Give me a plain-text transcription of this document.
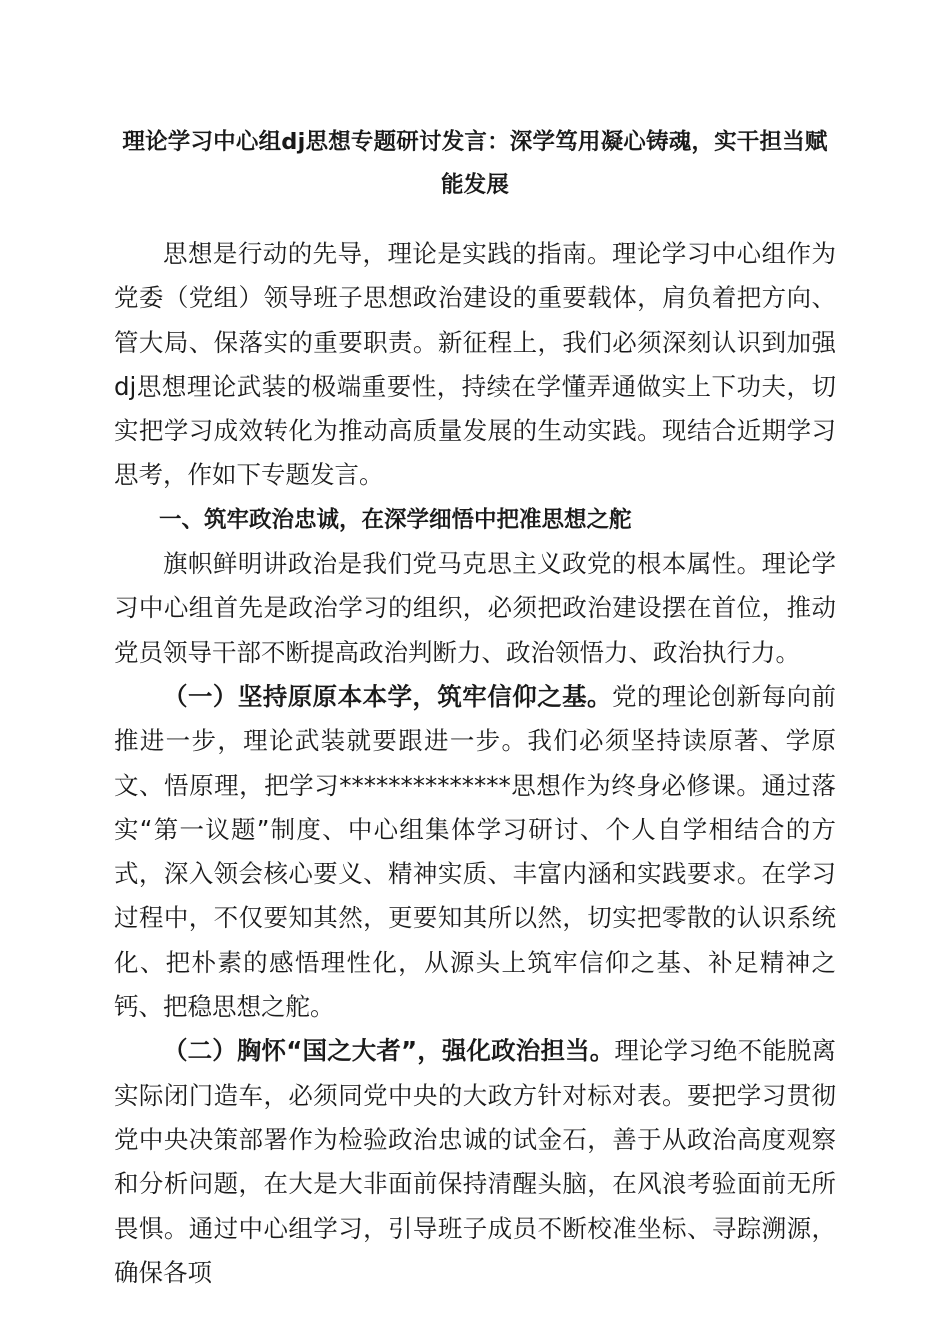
理论学习中心组dj思想专题研讨发言：深学笃用凝心铸魂，实干担当赋能发展

思想是行动的先导，理论是实践的指南。理论学习中心组作为党委（党组）领导班子思想政治建设的重要载体，肩负着把方向、管大局、保落实的重要职责。新征程上，我们必须深刻认识到加强dj思想理论武装的极端重要性，持续在学懂弄通做实上下功夫，切实把学习成效转化为推动高质量发展的生动实践。现结合近期学习思考，作如下专题发言。

一、筑牢政治忠诚，在深学细悟中把准思想之舵

旗帜鲜明讲政治是我们党马克思主义政党的根本属性。理论学习中心组首先是政治学习的组织，必须把政治建设摆在首位，推动党员领导干部不断提高政治判断力、政治领悟力、政治执行力。

（一）坚持原原本本学，筑牢信仰之基。党的理论创新每向前推进一步，理论武装就要跟进一步。我们必须坚持读原著、学原文、悟原理，把学习**************思想作为终身必修课。通过落实“第一议题”制度、中心组集体学习研讨、个人自学相结合的方式，深入领会核心要义、精神实质、丰富内涵和实践要求。在学习过程中，不仅要知其然，更要知其所以然，切实把零散的认识系统化、把朴素的感悟理性化，从源头上筑牢信仰之基、补足精神之钙、把稳思想之舵。

（二）胸怀“国之大者”，强化政治担当。理论学习绝不能脱离实际闭门造车，必须同党中央的大政方针对标对表。要把学习贯彻党中央决策部署作为检验政治忠诚的试金石，善于从政治高度观察和分析问题，在大是大非面前保持清醒头脑，在风浪考验面前无所畏惧。通过中心组学习，引导班子成员不断校准坐标、寻踪溯源，确保各项
